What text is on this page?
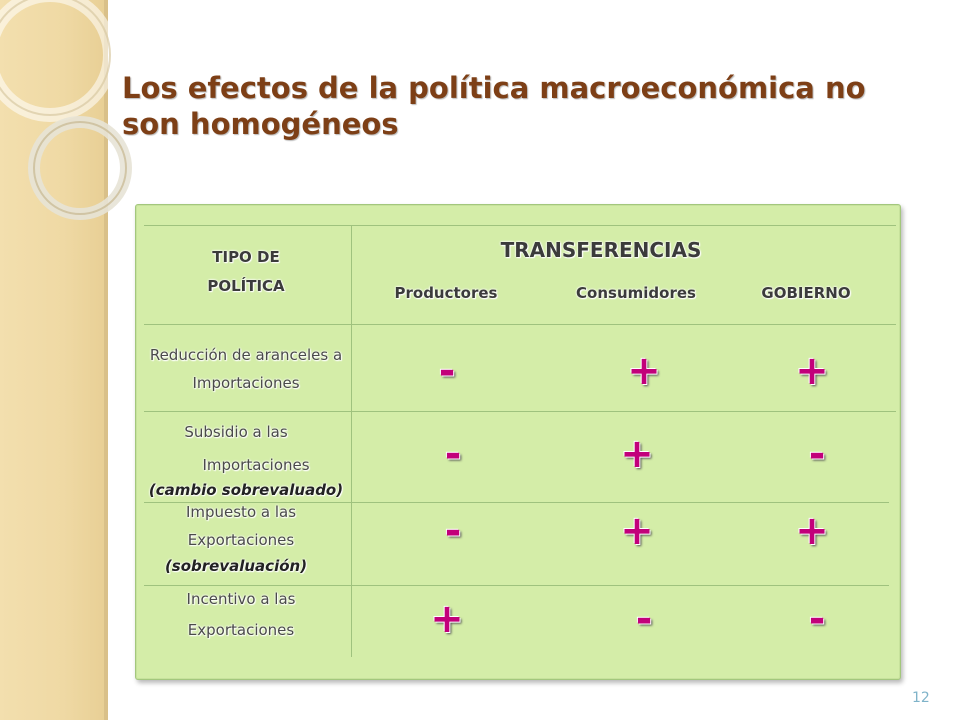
Los efectos de la política macroeconómica no son homogéneos
TIPO DE
POLÍTICA
TRANSFERENCIAS
Productores	Consumidores	GOBIERNO
Reducción de aranceles a
Importaciones	-	+	+
Subsidio a las
Importaciones
(cambio sobrevaluado)
-	+	-
Impuesto a las
Exportaciones
(sobrevaluación)
-	+	+
Incentivo a las
Exportaciones	+	-	-
12
